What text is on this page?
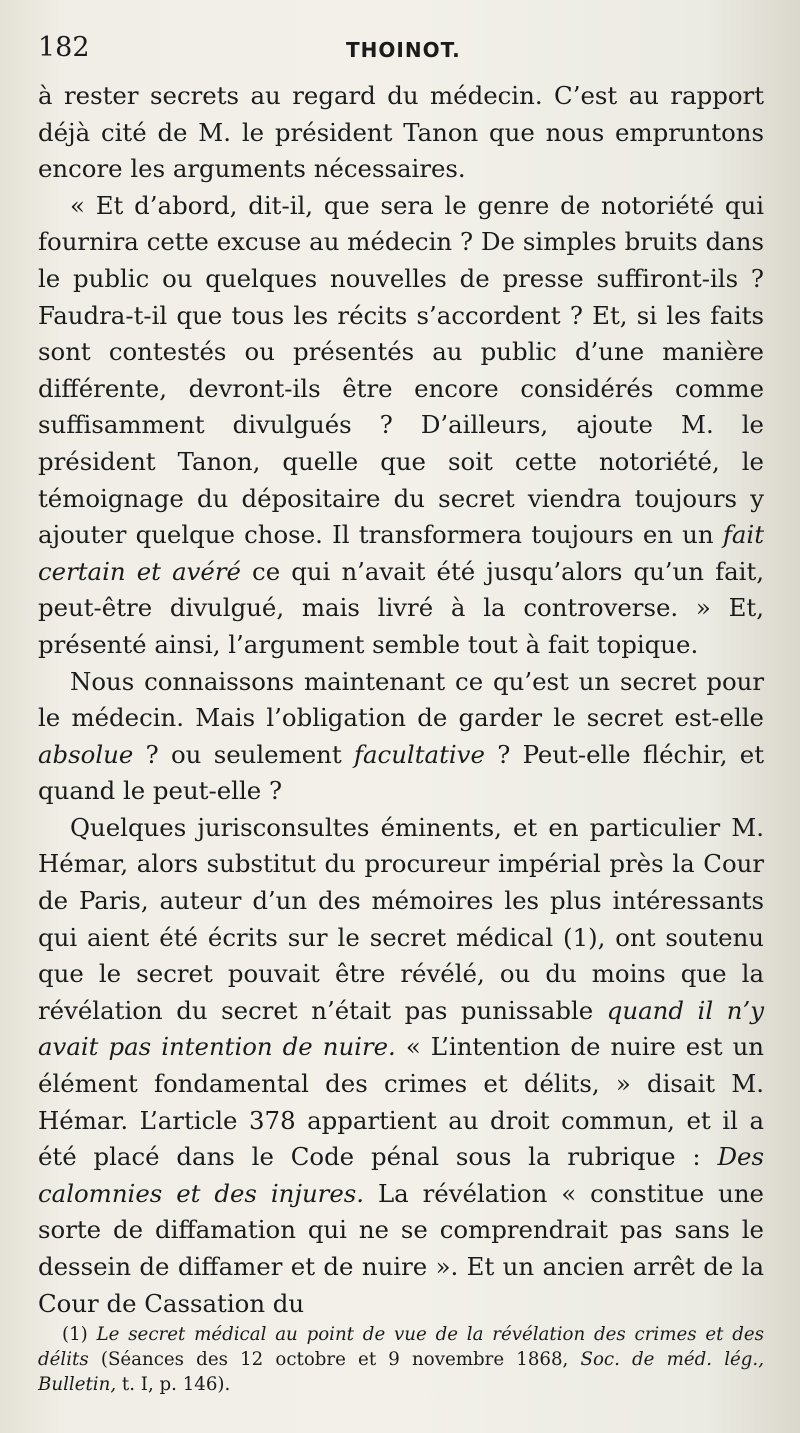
182	THOINOT.

à rester secrets au regard du médecin. C’est au rapport déjà cité de M. le président Tanon que nous empruntons encore les arguments nécessaires.

« Et d’abord, dit-il, que sera le genre de notoriété qui fournira cette excuse au médecin ? De simples bruits dans le public ou quelques nouvelles de presse suffiront-ils ? Faudra-t-il que tous les récits s’accordent ? Et, si les faits sont contestés ou présentés au public d’une manière différente, devront-ils être encore considérés comme suffisamment divulgués ? D’ailleurs, ajoute M. le président Tanon, quelle que soit cette notoriété, le témoignage du dépositaire du secret viendra toujours y ajouter quelque chose. Il transformera toujours en un fait certain et avéré ce qui n’avait été jusqu’alors qu’un fait, peut-être divulgué, mais livré à la controverse. » Et, présenté ainsi, l’argument semble tout à fait topique.

Nous connaissons maintenant ce qu’est un secret pour le médecin. Mais l’obligation de garder le secret est-elle absolue ? ou seulement facultative ? Peut-elle fléchir, et quand le peut-elle ?

Quelques jurisconsultes éminents, et en particulier M. Hémar, alors substitut du procureur impérial près la Cour de Paris, auteur d’un des mémoires les plus intéressants qui aient été écrits sur le secret médical (1), ont soutenu que le secret pouvait être révélé, ou du moins que la révélation du secret n’était pas punissable quand il n’y avait pas intention de nuire. « L’intention de nuire est un élément fondamental des crimes et délits, » disait M. Hémar. L’article 378 appartient au droit commun, et il a été placé dans le Code pénal sous la rubrique : Des calomnies et des injures. La révélation « constitue une sorte de diffamation qui ne se comprendrait pas sans le dessein de diffamer et de nuire ». Et un ancien arrêt de la Cour de Cassation du

(1) Le secret médical au point de vue de la révélation des crimes et des délits (Séances des 12 octobre et 9 novembre 1868, Soc. de méd. lég., Bulletin, t. I, p. 146).
